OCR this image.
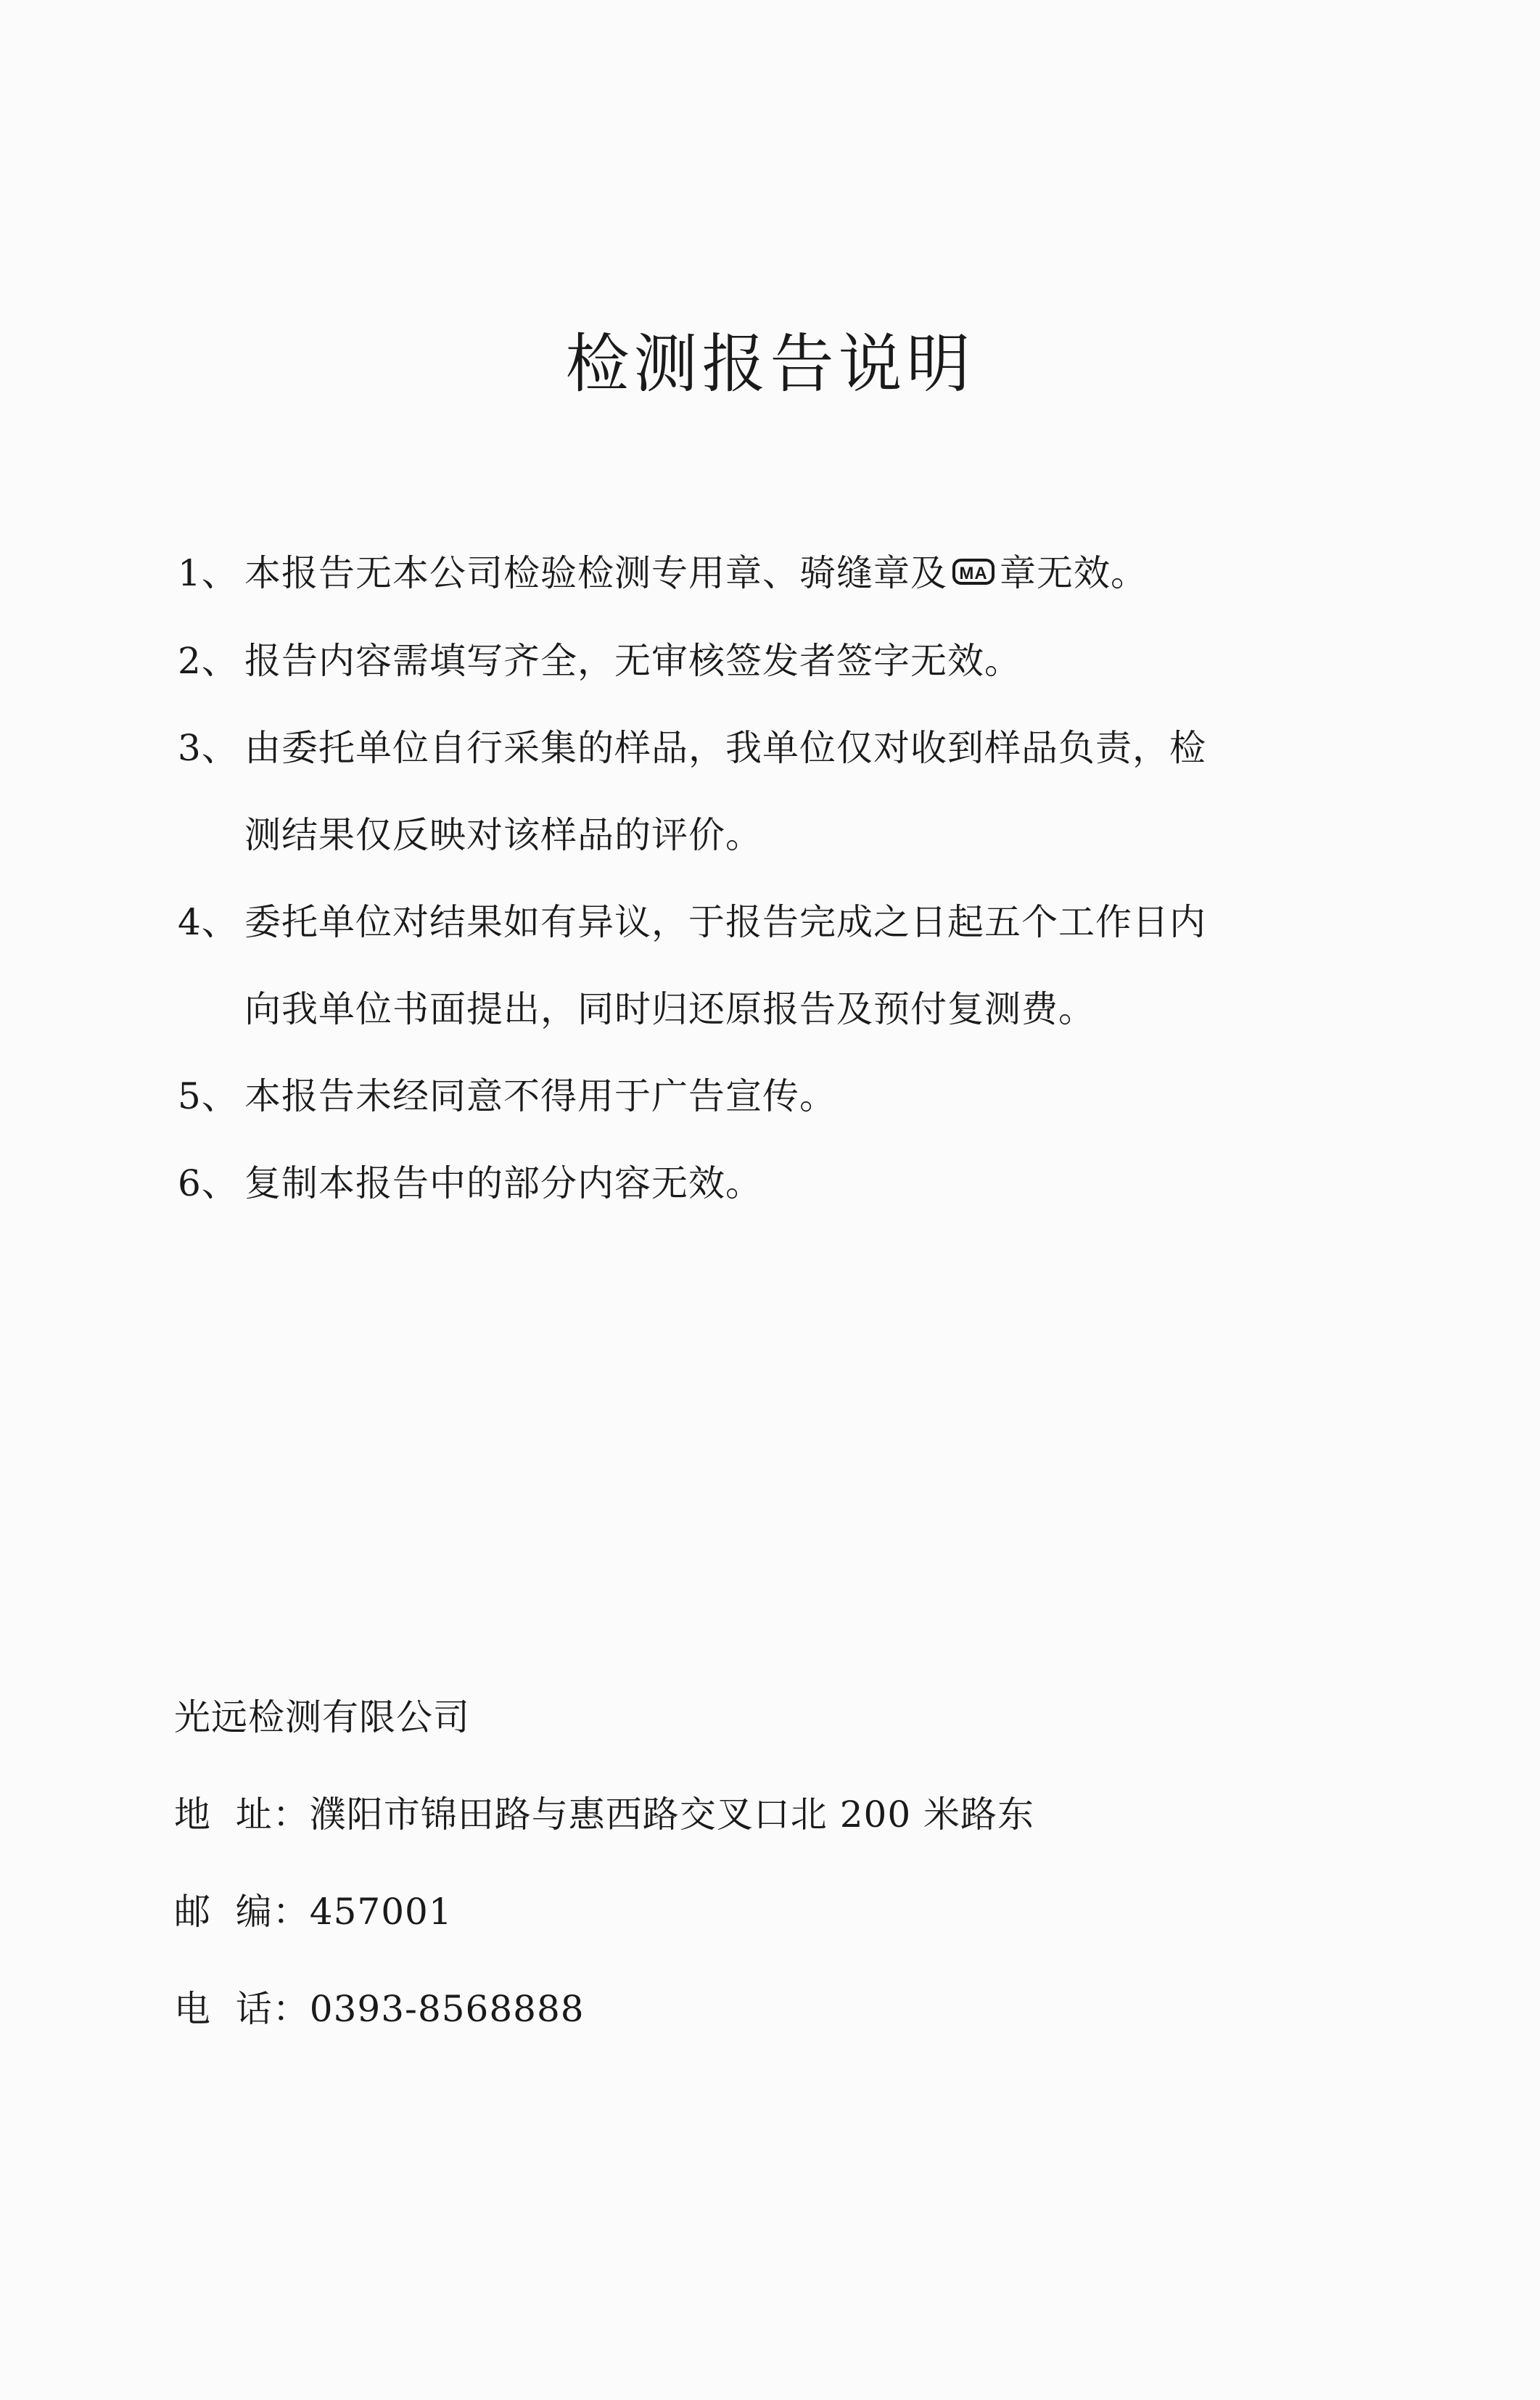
检测报告说明
1、 本报告无本公司检验检测专用章、骑缝章及 MA 章无效。
2、 报告内容需填写齐全，无审核签发者签字无效。
3、 由委托单位自行采集的样品，我单位仅对收到样品负责，检
测结果仅反映对该样品的评价。
4、 委托单位对结果如有异议，于报告完成之日起五个工作日内
向我单位书面提出，同时归还原报告及预付复测费。
5、 本报告未经同意不得用于广告宣传。
6、 复制本报告中的部分内容无效。
光远检测有限公司
地  址：濮阳市锦田路与惠西路交叉口北 200 米路东
邮  编：457001
电  话：0393-8568888
